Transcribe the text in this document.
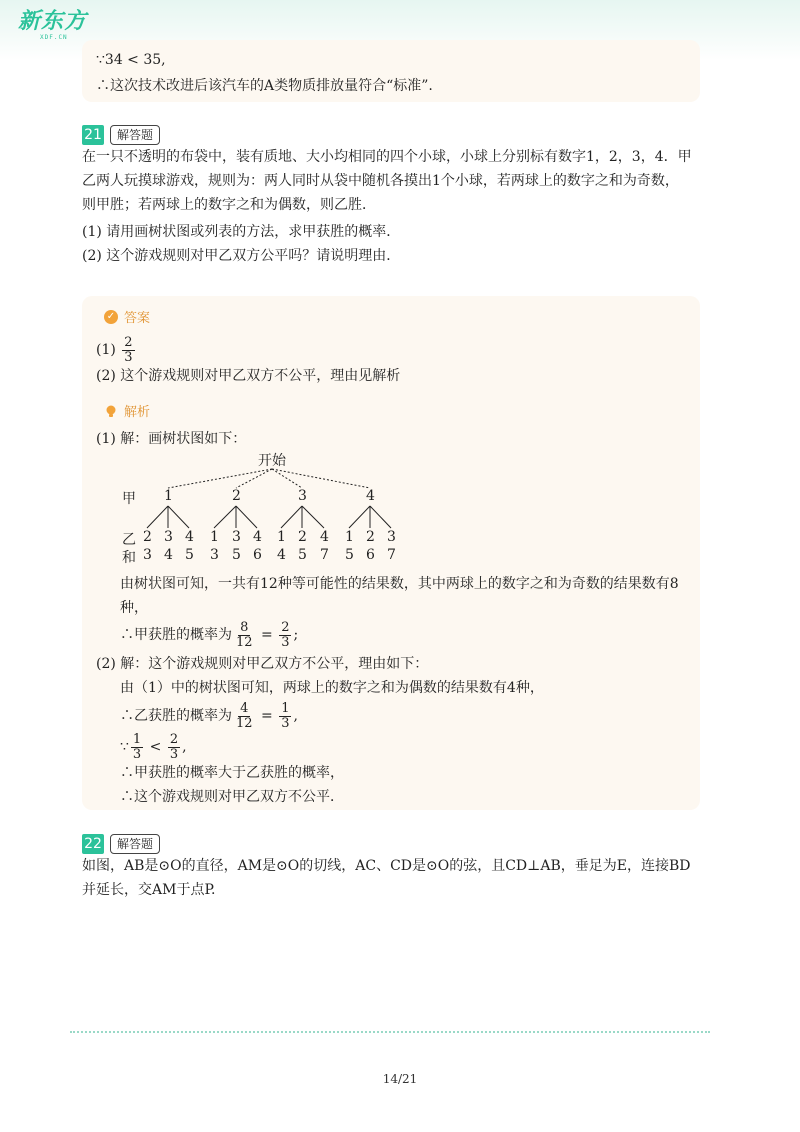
新东方
XDF.CN
∵34 < 35,
∴这次技术改进后该汽车的A类物质排放量符合“标准”.
21	解答题
在一只不透明的布袋中，装有质地、大小均相同的四个小球，小球上分别标有数字1，2，3，4．甲
乙两人玩摸球游戏，规则为：两人同时从袋中随机各摸出1个小球，若两球上的数字之和为奇数，
则甲胜；若两球上的数字之和为偶数，则乙胜．
(1) 请用画树状图或列表的方法，求甲获胜的概率．
(2) 这个游戏规则对甲乙双方公平吗？请说明理由．
✓ 答案
$(1) \frac{2}{3}$
(2) 这个游戏规则对甲乙双方不公平，理由见解析
解析
(1) 解：画树状图如下：
开始
甲
乙
和
1	2	3	4
2 3 4 1 3 4 1 2 4 1 2 3
3 4 5 3 5 6 4 5 7 5 6 7
由树状图可知，一共有12种等可能性的结果数，其中两球上的数字之和为奇数的结果数有8
种，
∴甲获胜的概率为 $\frac{8}{12} = \frac{2}{3}$ ;
(2) 解：这个游戏规则对甲乙双方不公平，理由如下：
由（1）中的树状图可知，两球上的数字之和为偶数的结果数有4种，
∴乙获胜的概率为 $\frac{4}{12} = \frac{1}{3}$ ,
∵ $\frac{1}{3} < \frac{2}{3}$ ,
∴甲获胜的概率大于乙获胜的概率，
∴这个游戏规则对甲乙双方不公平．
22	解答题
如图，AB是⊙O的直径，AM是⊙O的切线，AC、CD是⊙O的弦，且CD⊥AB，垂足为E，连接BD
并延长，交AM于点P.
14/21
